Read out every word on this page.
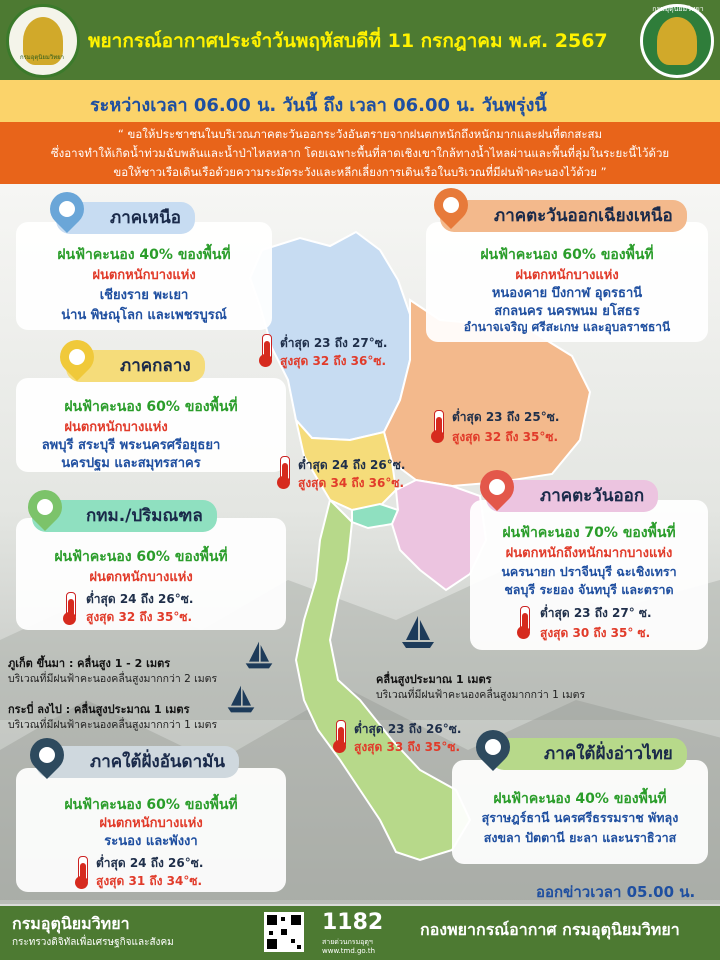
กรมอุตุนิยมวิทยา
พยากรณ์อากาศประจำวันพฤหัสบดีที่ 11 กรกฎาคม พ.ศ. 2567
กรมอุตุนิยมวิทยา
ระหว่างเวลา 06.00 น. วันนี้ ถึง เวลา 06.00 น. วันพรุ่งนี้
“ ขอให้ประชาชนในบริเวณภาคตะวันออกระวังอันตรายจากฝนตกหนักถึงหนักมากและฝนที่ตกสะสม
ซึ่งอาจทำให้เกิดน้ำท่วมฉับพลันและน้ำป่าไหลหลาก โดยเฉพาะพื้นที่ลาดเชิงเขาใกล้ทางน้ำไหลผ่านและพื้นที่ลุ่มในระยะนี้ไว้ด้วย
ขอให้ชาวเรือเดินเรือด้วยความระมัดระวังและหลีกเลี่ยงการเดินเรือในบริเวณที่มีฝนฟ้าคะนองไว้ด้วย ”
ภาคเหนือ
ฝนฟ้าคะนอง 40% ของพื้นที่
ฝนตกหนักบางแห่ง
เชียงราย พะเยา
น่าน พิษณุโลก และเพชรบูรณ์
ต่ำสุด 23 ถึง 27°ซ.
สูงสุด 32 ถึง 36°ซ.
ภาคตะวันออกเฉียงเหนือ
ฝนฟ้าคะนอง 60% ของพื้นที่
ฝนตกหนักบางแห่ง
หนองคาย บึงกาฬ อุดรธานี
สกลนคร นครพนม ยโสธร
อำนาจเจริญ ศรีสะเกษ และอุบลราชธานี
ต่ำสุด 23 ถึง 25°ซ.
สูงสุด 32 ถึง 35°ซ.
ภาคกลาง
ฝนฟ้าคะนอง 60% ของพื้นที่
ฝนตกหนักบางแห่ง
ลพบุรี สระบุรี พระนครศรีอยุธยา
นครปฐม และสมุทรสาคร	ต่ำสุด 24 ถึง 26°ซ.
สูงสุด 34 ถึง 36°ซ.
กทม./ปริมณฑล
ฝนฟ้าคะนอง 60% ของพื้นที่
ฝนตกหนักบางแห่ง
ต่ำสุด 24 ถึง 26°ซ.
สูงสุด 32 ถึง 35°ซ.
ภาคตะวันออก
ฝนฟ้าคะนอง 70% ของพื้นที่
ฝนตกหนักถึงหนักมากบางแห่ง
นครนายก ปราจีนบุรี ฉะเชิงเทรา
ชลบุรี ระยอง จันทบุรี และตราด
ต่ำสุด 23 ถึง 27° ซ.
สูงสุด 30 ถึง 35° ซ.
ภูเก็ต ขึ้นมา : คลื่นสูง 1 - 2 เมตร
บริเวณที่มีฝนฟ้าคะนองคลื่นสูงมากกว่า 2 เมตร
กระบี่ ลงไป : คลื่นสูงประมาณ 1 เมตร
บริเวณที่มีฝนฟ้าคะนองคลื่นสูงมากกว่า 1 เมตร
คลื่นสูงประมาณ 1 เมตร
บริเวณที่มีฝนฟ้าคะนองคลื่นสูงมากกว่า 1 เมตร
ต่ำสุด 23 ถึง 26°ซ.
สูงสุด 33 ถึง 35°ซ.
ภาคใต้ฝั่งอันดามัน
ฝนฟ้าคะนอง 60% ของพื้นที่
ฝนตกหนักบางแห่ง
ระนอง และพังงา
ต่ำสุด 24 ถึง 26°ซ.
สูงสุด 31 ถึง 34°ซ.
ภาคใต้ฝั่งอ่าวไทย
ฝนฟ้าคะนอง 40% ของพื้นที่
สุราษฎร์ธานี นครศรีธรรมราช พัทลุง
สงขลา ปัตตานี ยะลา และนราธิวาส
ออกข่าวเวลา 05.00 น.
กรมอุตุนิยมวิทยา
กระทรวงดิจิทัลเพื่อเศรษฐกิจและสังคม
1182
สายด่วนกรมอุตุฯ
www.tmd.go.th
กองพยากรณ์อากาศ กรมอุตุนิยมวิทยา
